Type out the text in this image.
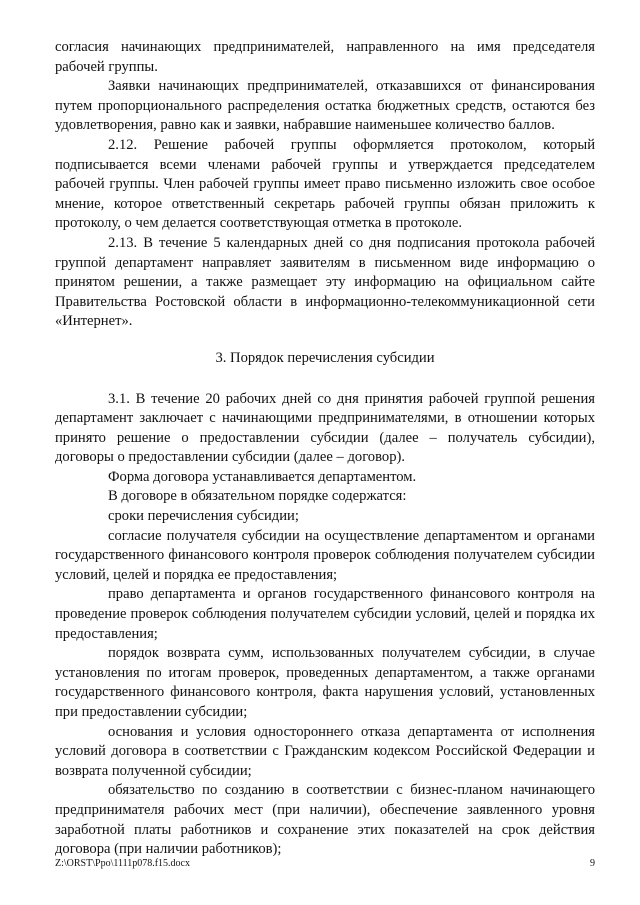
согласия начинающих предпринимателей, направленного на имя председателя рабочей группы.

Заявки начинающих предпринимателей, отказавшихся от финансирования путем пропорционального распределения остатка бюджетных средств, остаются без удовлетворения, равно как и заявки, набравшие наименьшее количество баллов.

2.12. Решение рабочей группы оформляется протоколом, который подписывается всеми членами рабочей группы и утверждается председателем рабочей группы. Член рабочей группы имеет право письменно изложить свое особое мнение, которое ответственный секретарь рабочей группы обязан приложить к протоколу, о чем делается соответствующая отметка в протоколе.

2.13. В течение 5 календарных дней со дня подписания протокола рабочей группой департамент направляет заявителям в письменном виде информацию о принятом решении, а также размещает эту информацию на официальном сайте Правительства Ростовской области в информационно-телекоммуникационной сети «Интернет».

3. Порядок перечисления субсидии

3.1. В течение 20 рабочих дней со дня принятия рабочей группой решения департамент заключает с начинающими предпринимателями, в отношении которых принято решение о предоставлении субсидии (далее – получатель субсидии), договоры о предоставлении субсидии (далее – договор).

Форма договора устанавливается департаментом.

В договоре в обязательном порядке содержатся:

сроки перечисления субсидии;

согласие получателя субсидии на осуществление департаментом и органами государственного финансового контроля проверок соблюдения получателем субсидии условий, целей и порядка ее предоставления;

право департамента и органов государственного финансового контроля на проведение проверок соблюдения получателем субсидии условий, целей и порядка их предоставления;

порядок возврата сумм, использованных получателем субсидии, в случае установления по итогам проверок, проведенных департаментом, а также органами государственного финансового контроля, факта нарушения условий, установленных при предоставлении субсидии;

основания и условия одностороннего отказа департамента от исполнения условий договора в соответствии с Гражданским кодексом Российской Федерации и возврата полученной субсидии;

обязательство по созданию в соответствии с бизнес-планом начинающего предпринимателя рабочих мест (при наличии), обеспечение заявленного уровня заработной платы работников и сохранение этих показателей на срок действия договора (при наличии работников);

Z:\ORST\Ppo\1111p078.f15.docx	9
